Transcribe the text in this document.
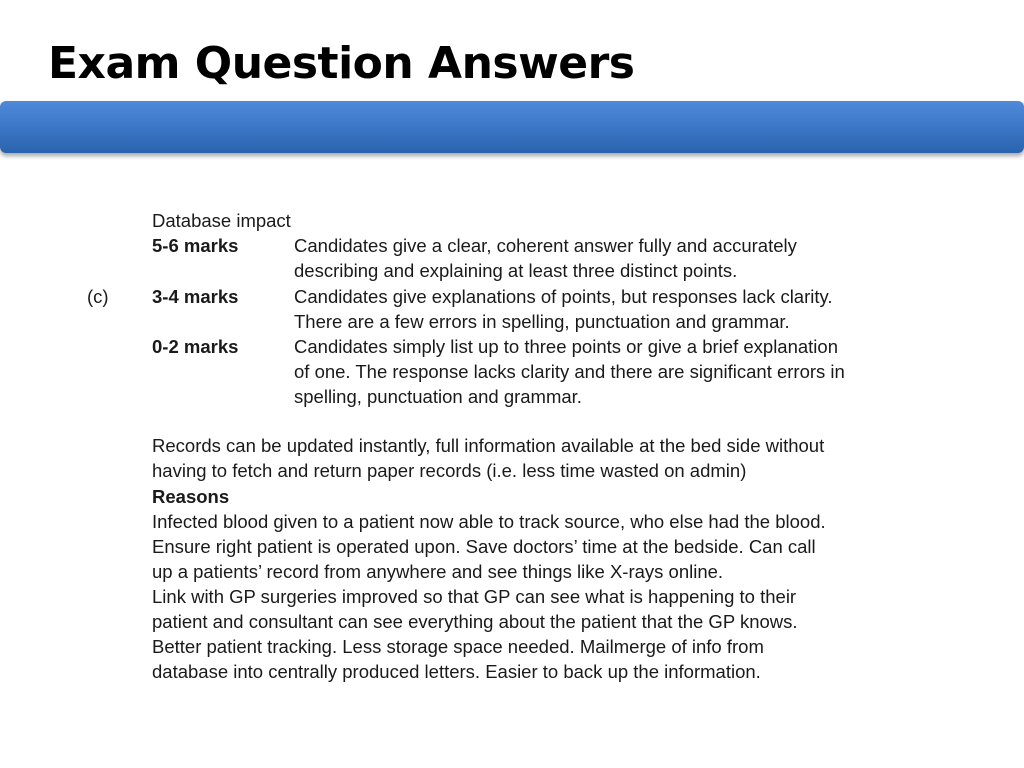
Exam Question Answers
Database impact
5-6 marks	Candidates give a clear, coherent answer fully and accurately
describing and explaining at least three distinct points.
(c) 3-4 marks	Candidates give explanations of points, but responses lack clarity.
There are a few errors in spelling, punctuation and grammar.
0-2 marks	Candidates simply list up to three points or give a brief explanation
of one. The response lacks clarity and there are significant errors in
spelling, punctuation and grammar.
Records can be updated instantly, full information available at the bed side without
having to fetch and return paper records (i.e. less time wasted on admin)
Reasons
Infected blood given to a patient now able to track source, who else had the blood.
Ensure right patient is operated upon. Save doctors’ time at the bedside. Can call
up a patients’ record from anywhere and see things like X-rays online.
Link with GP surgeries improved so that GP can see what is happening to their
patient and consultant can see everything about the patient that the GP knows.
Better patient tracking. Less storage space needed. Mailmerge of info from
database into centrally produced letters. Easier to back up the information.
